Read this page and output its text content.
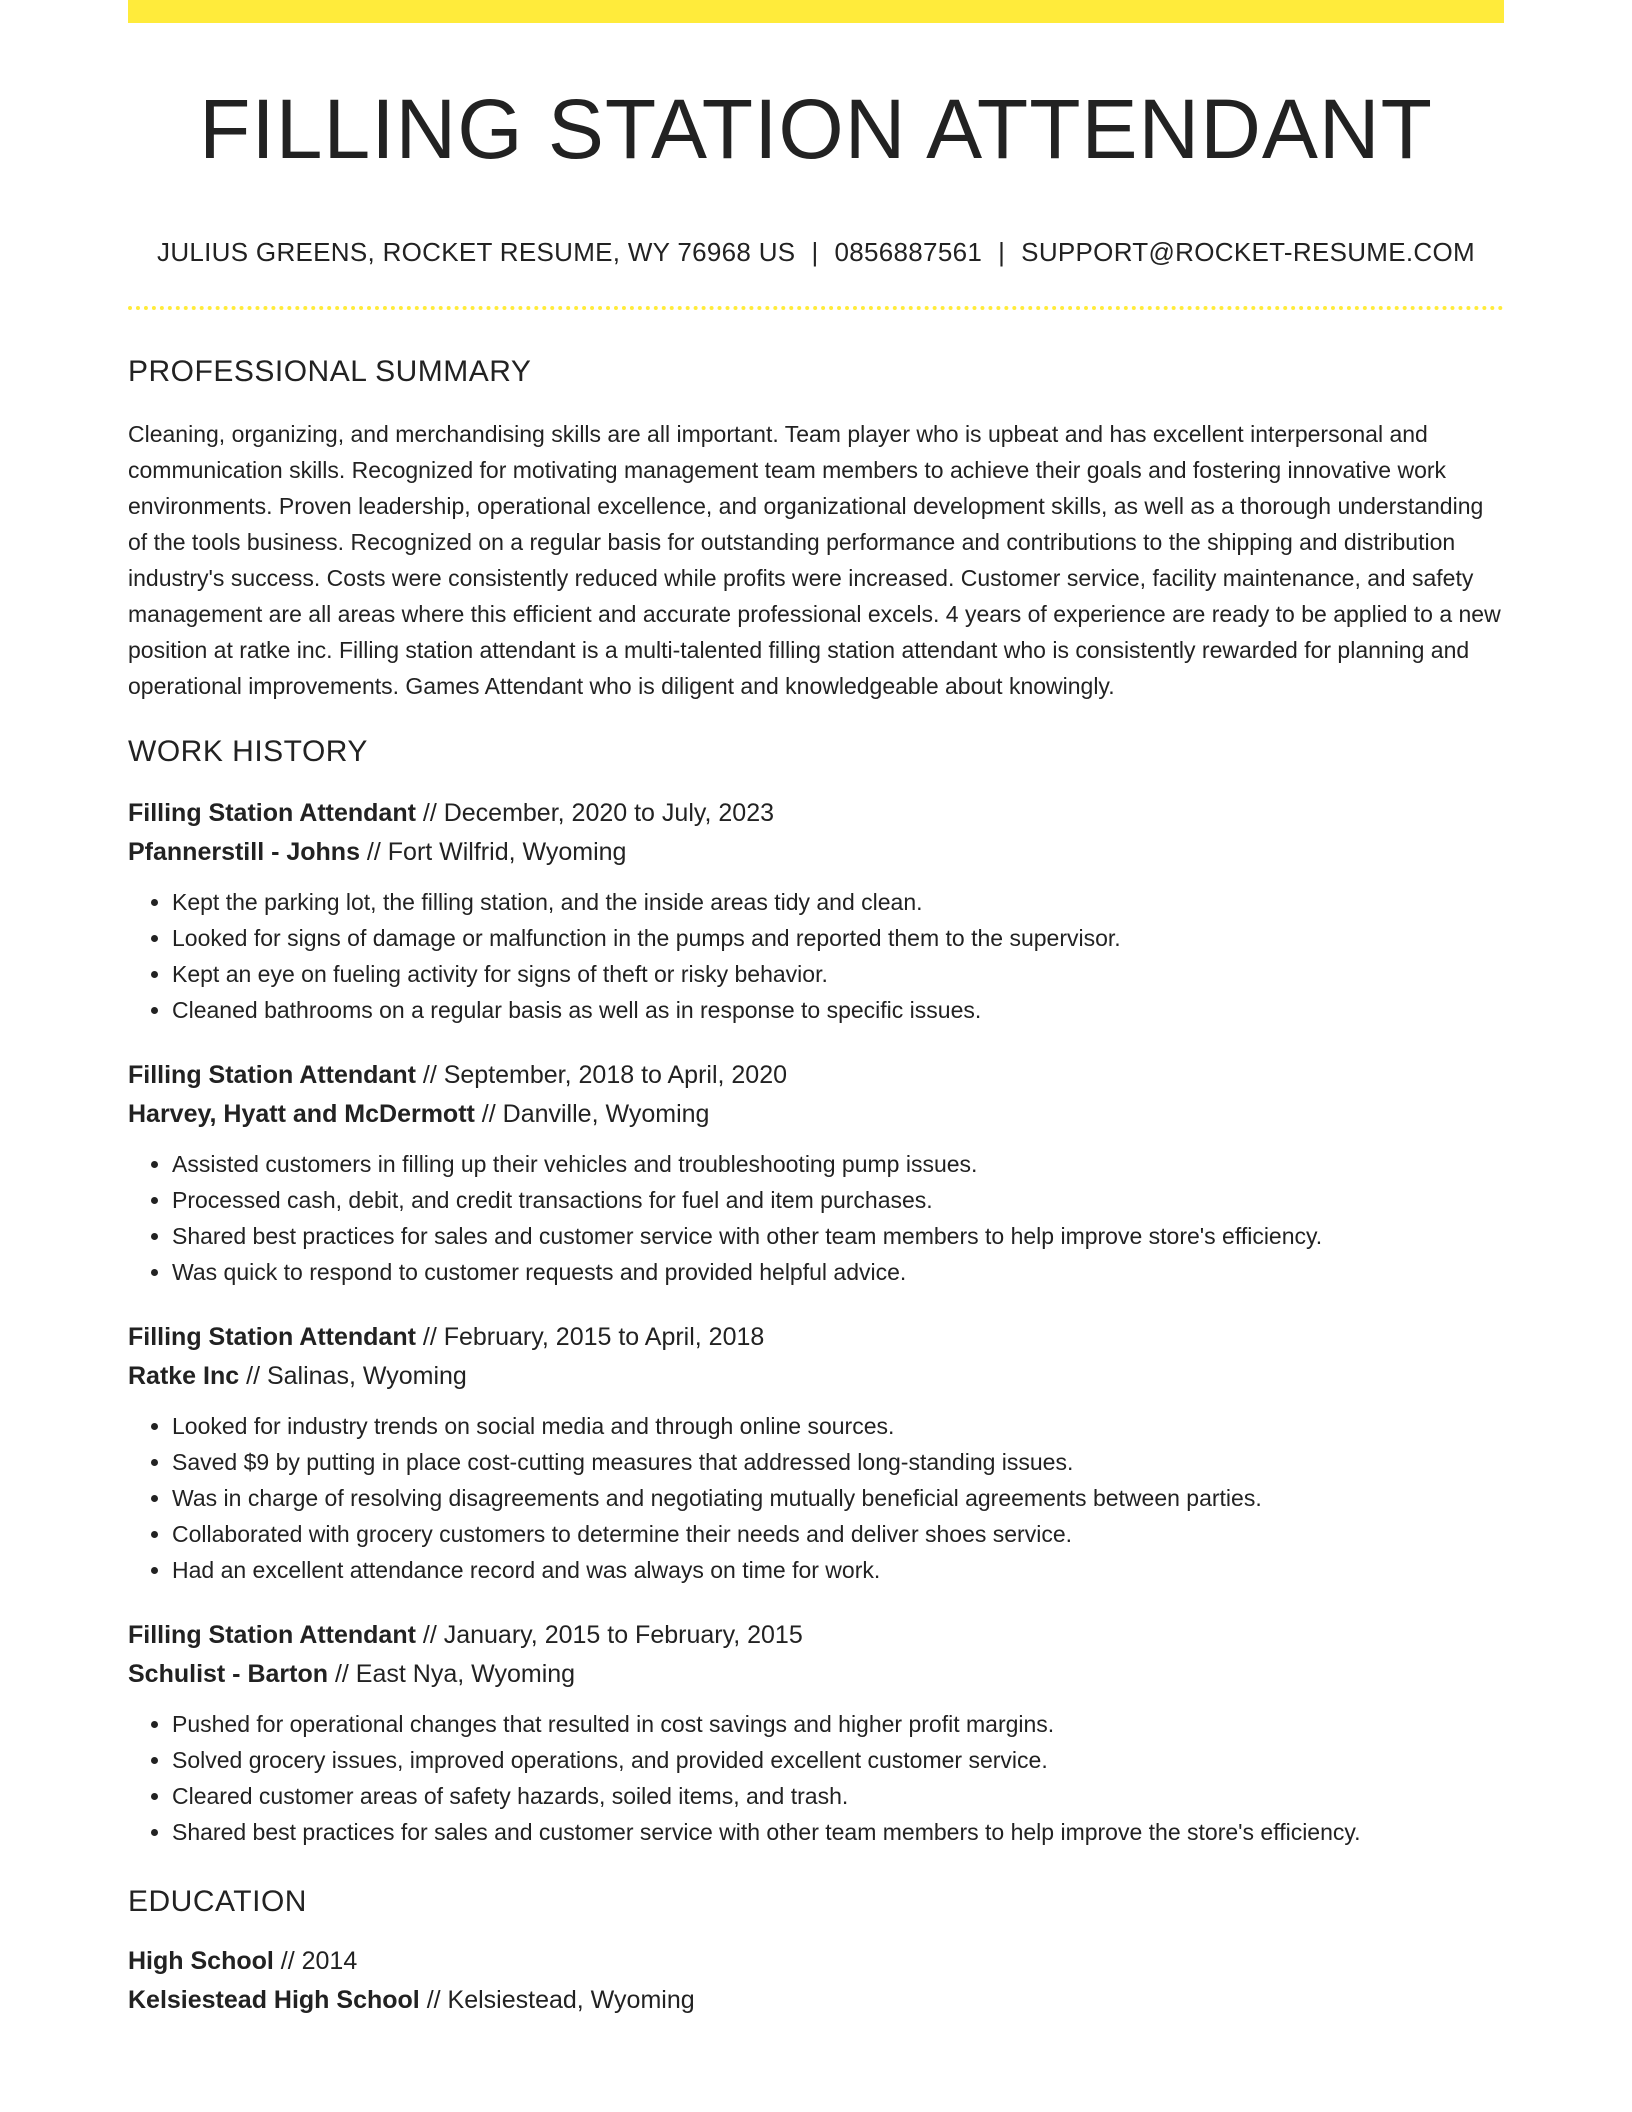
FILLING STATION ATTENDANT
JULIUS GREENS, ROCKET RESUME, WY 76968 US | 0856887561 | SUPPORT@ROCKET-RESUME.COM
PROFESSIONAL SUMMARY
Cleaning, organizing, and merchandising skills are all important. Team player who is upbeat and has excellent interpersonal and communication skills. Recognized for motivating management team members to achieve their goals and fostering innovative work environments. Proven leadership, operational excellence, and organizational development skills, as well as a thorough understanding of the tools business. Recognized on a regular basis for outstanding performance and contributions to the shipping and distribution industry's success. Costs were consistently reduced while profits were increased. Customer service, facility maintenance, and safety management are all areas where this efficient and accurate professional excels. 4 years of experience are ready to be applied to a new position at ratke inc. Filling station attendant is a multi-talented filling station attendant who is consistently rewarded for planning and operational improvements. Games Attendant who is diligent and knowledgeable about knowingly.
WORK HISTORY
Filling Station Attendant // December, 2020 to July, 2023
Pfannerstill - Johns // Fort Wilfrid, Wyoming
• Kept the parking lot, the filling station, and the inside areas tidy and clean.
• Looked for signs of damage or malfunction in the pumps and reported them to the supervisor.
• Kept an eye on fueling activity for signs of theft or risky behavior.
• Cleaned bathrooms on a regular basis as well as in response to specific issues.
Filling Station Attendant // September, 2018 to April, 2020
Harvey, Hyatt and McDermott // Danville, Wyoming
• Assisted customers in filling up their vehicles and troubleshooting pump issues.
• Processed cash, debit, and credit transactions for fuel and item purchases.
• Shared best practices for sales and customer service with other team members to help improve store's efficiency.
• Was quick to respond to customer requests and provided helpful advice.
Filling Station Attendant // February, 2015 to April, 2018
Ratke Inc // Salinas, Wyoming
• Looked for industry trends on social media and through online sources.
• Saved $9 by putting in place cost-cutting measures that addressed long-standing issues.
• Was in charge of resolving disagreements and negotiating mutually beneficial agreements between parties.
• Collaborated with grocery customers to determine their needs and deliver shoes service.
• Had an excellent attendance record and was always on time for work.
Filling Station Attendant // January, 2015 to February, 2015
Schulist - Barton // East Nya, Wyoming
• Pushed for operational changes that resulted in cost savings and higher profit margins.
• Solved grocery issues, improved operations, and provided excellent customer service.
• Cleared customer areas of safety hazards, soiled items, and trash.
• Shared best practices for sales and customer service with other team members to help improve the store's efficiency.
EDUCATION
High School // 2014
Kelsiestead High School // Kelsiestead, Wyoming
